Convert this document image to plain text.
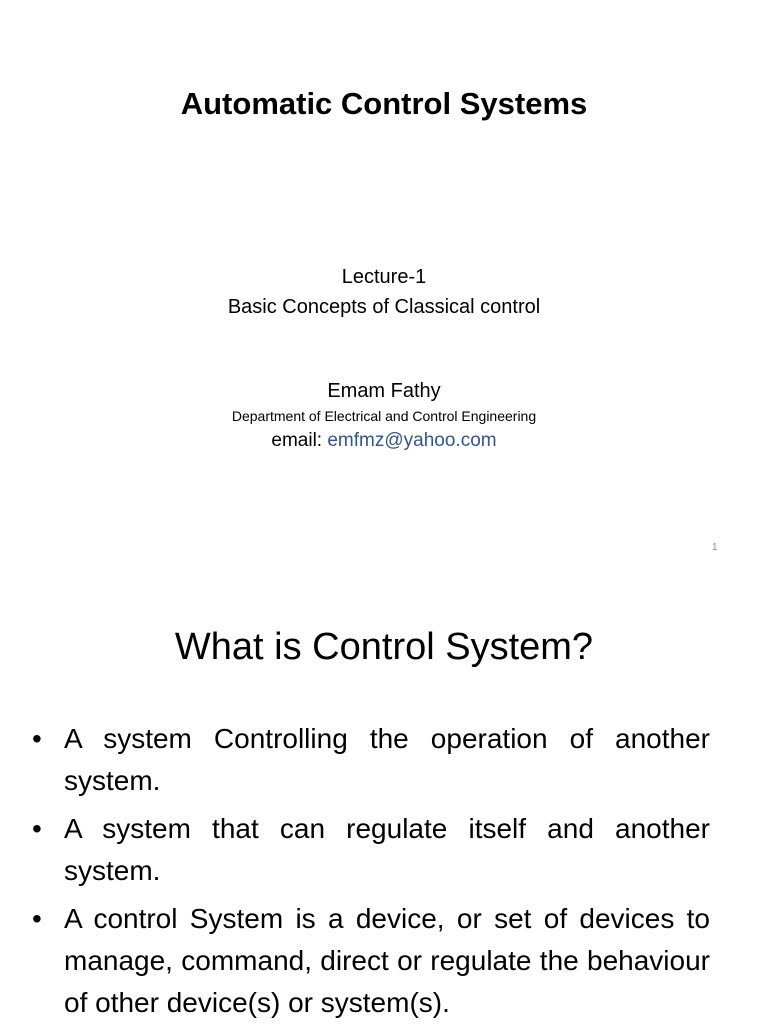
Automatic Control Systems
Lecture-1
Basic Concepts of Classical control
Emam Fathy
Department of Electrical and Control Engineering
email: emfmz@yahoo.com
1
What is Control System?
• A system Controlling the operation of another system.
• A system that can regulate itself and another system.
• A control System is a device, or set of devices to manage, command, direct or regulate the behaviour of other device(s) or system(s).
